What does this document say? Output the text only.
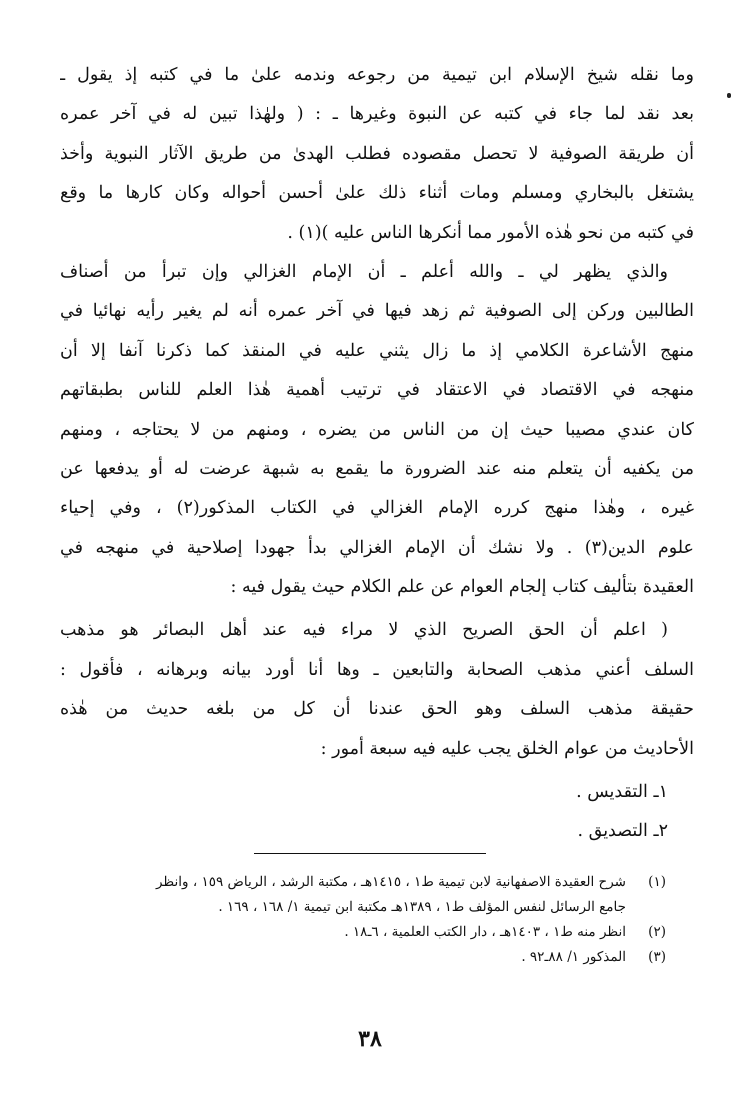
وما نقله شيخ الإسلام ابن تيمية من رجوعه وندمه علىٰ ما في كتبه إذ يقول ـ
بعد نقد لما جاء في كتبه عن النبوة وغيرها ـ : ( ولهٰذا تبين له في آخر عمره
أن طريقة الصوفية لا تحصل مقصوده فطلب الهدىٰ من طريق الآثار النبوية وأخذ
يشتغل بالبخاري ومسلم ومات أثناء ذلك علىٰ أحسن أحواله وكان كارها ما وقع
في كتبه من نحو هٰذه الأمور مما أنكرها الناس عليه )(١) .
والذي يظهر لي ـ والله أعلم ـ أن الإمام الغزالي وإن تبرأ من أصناف
الطالبين وركن إلى الصوفية ثم زهد فيها في آخر عمره أنه لم يغير رأيه نهائيا في
منهج الأشاعرة الكلامي إذ ما زال يثني عليه في المنقذ كما ذكرنا آنفا إلا أن
منهجه في الاقتصاد في الاعتقاد في ترتيب أهمية هٰذا العلم للناس بطبقاتهم
كان عندي مصيبا حيث إن من الناس من يضره ، ومنهم من لا يحتاجه ، ومنهم
من يكفيه أن يتعلم منه عند الضرورة ما يقمع به شبهة عرضت له أو يدفعها عن
غيره ، وهٰذا منهج كرره الإمام الغزالي في الكتاب المذكور(٢) ، وفي إحياء
علوم الدين(٣) . ولا نشك أن الإمام الغزالي بدأ جهودا إصلاحية في منهجه في
العقيدة بتأليف كتاب إلجام العوام عن علم الكلام حيث يقول فيه :
( اعلم أن الحق الصريح الذي لا مراء فيه عند أهل البصائر هو مذهب
السلف أعني مذهب الصحابة والتابعين ـ وها أنا أورد بيانه وبرهانه ، فأقول :
حقيقة مذهب السلف وهو الحق عندنا أن كل من بلغه حديث من هٰذه
الأحاديث من عوام الخلق يجب عليه فيه سبعة أمور :
١ـ التقديس .
٢ـ التصديق .
(١)
شرح العقيدة الاصفهانية لابن تيمية ط١ ، ١٤١٥هـ ، مكتبة الرشد ، الرياض ١٥٩ ، وانظر
جامع الرسائل لنفس المؤلف ط١ ، ١٣٨٩هـ مكتبة ابن تيمية ١/ ١٦٨ ، ١٦٩ .
(٢)
انظر منه ط١ ، ١٤٠٣هـ ، دار الكتب العلمية ، ٦ـ١٨ .
(٣)
المذكور ١/ ٨٨ـ٩٢ .
٣٨
